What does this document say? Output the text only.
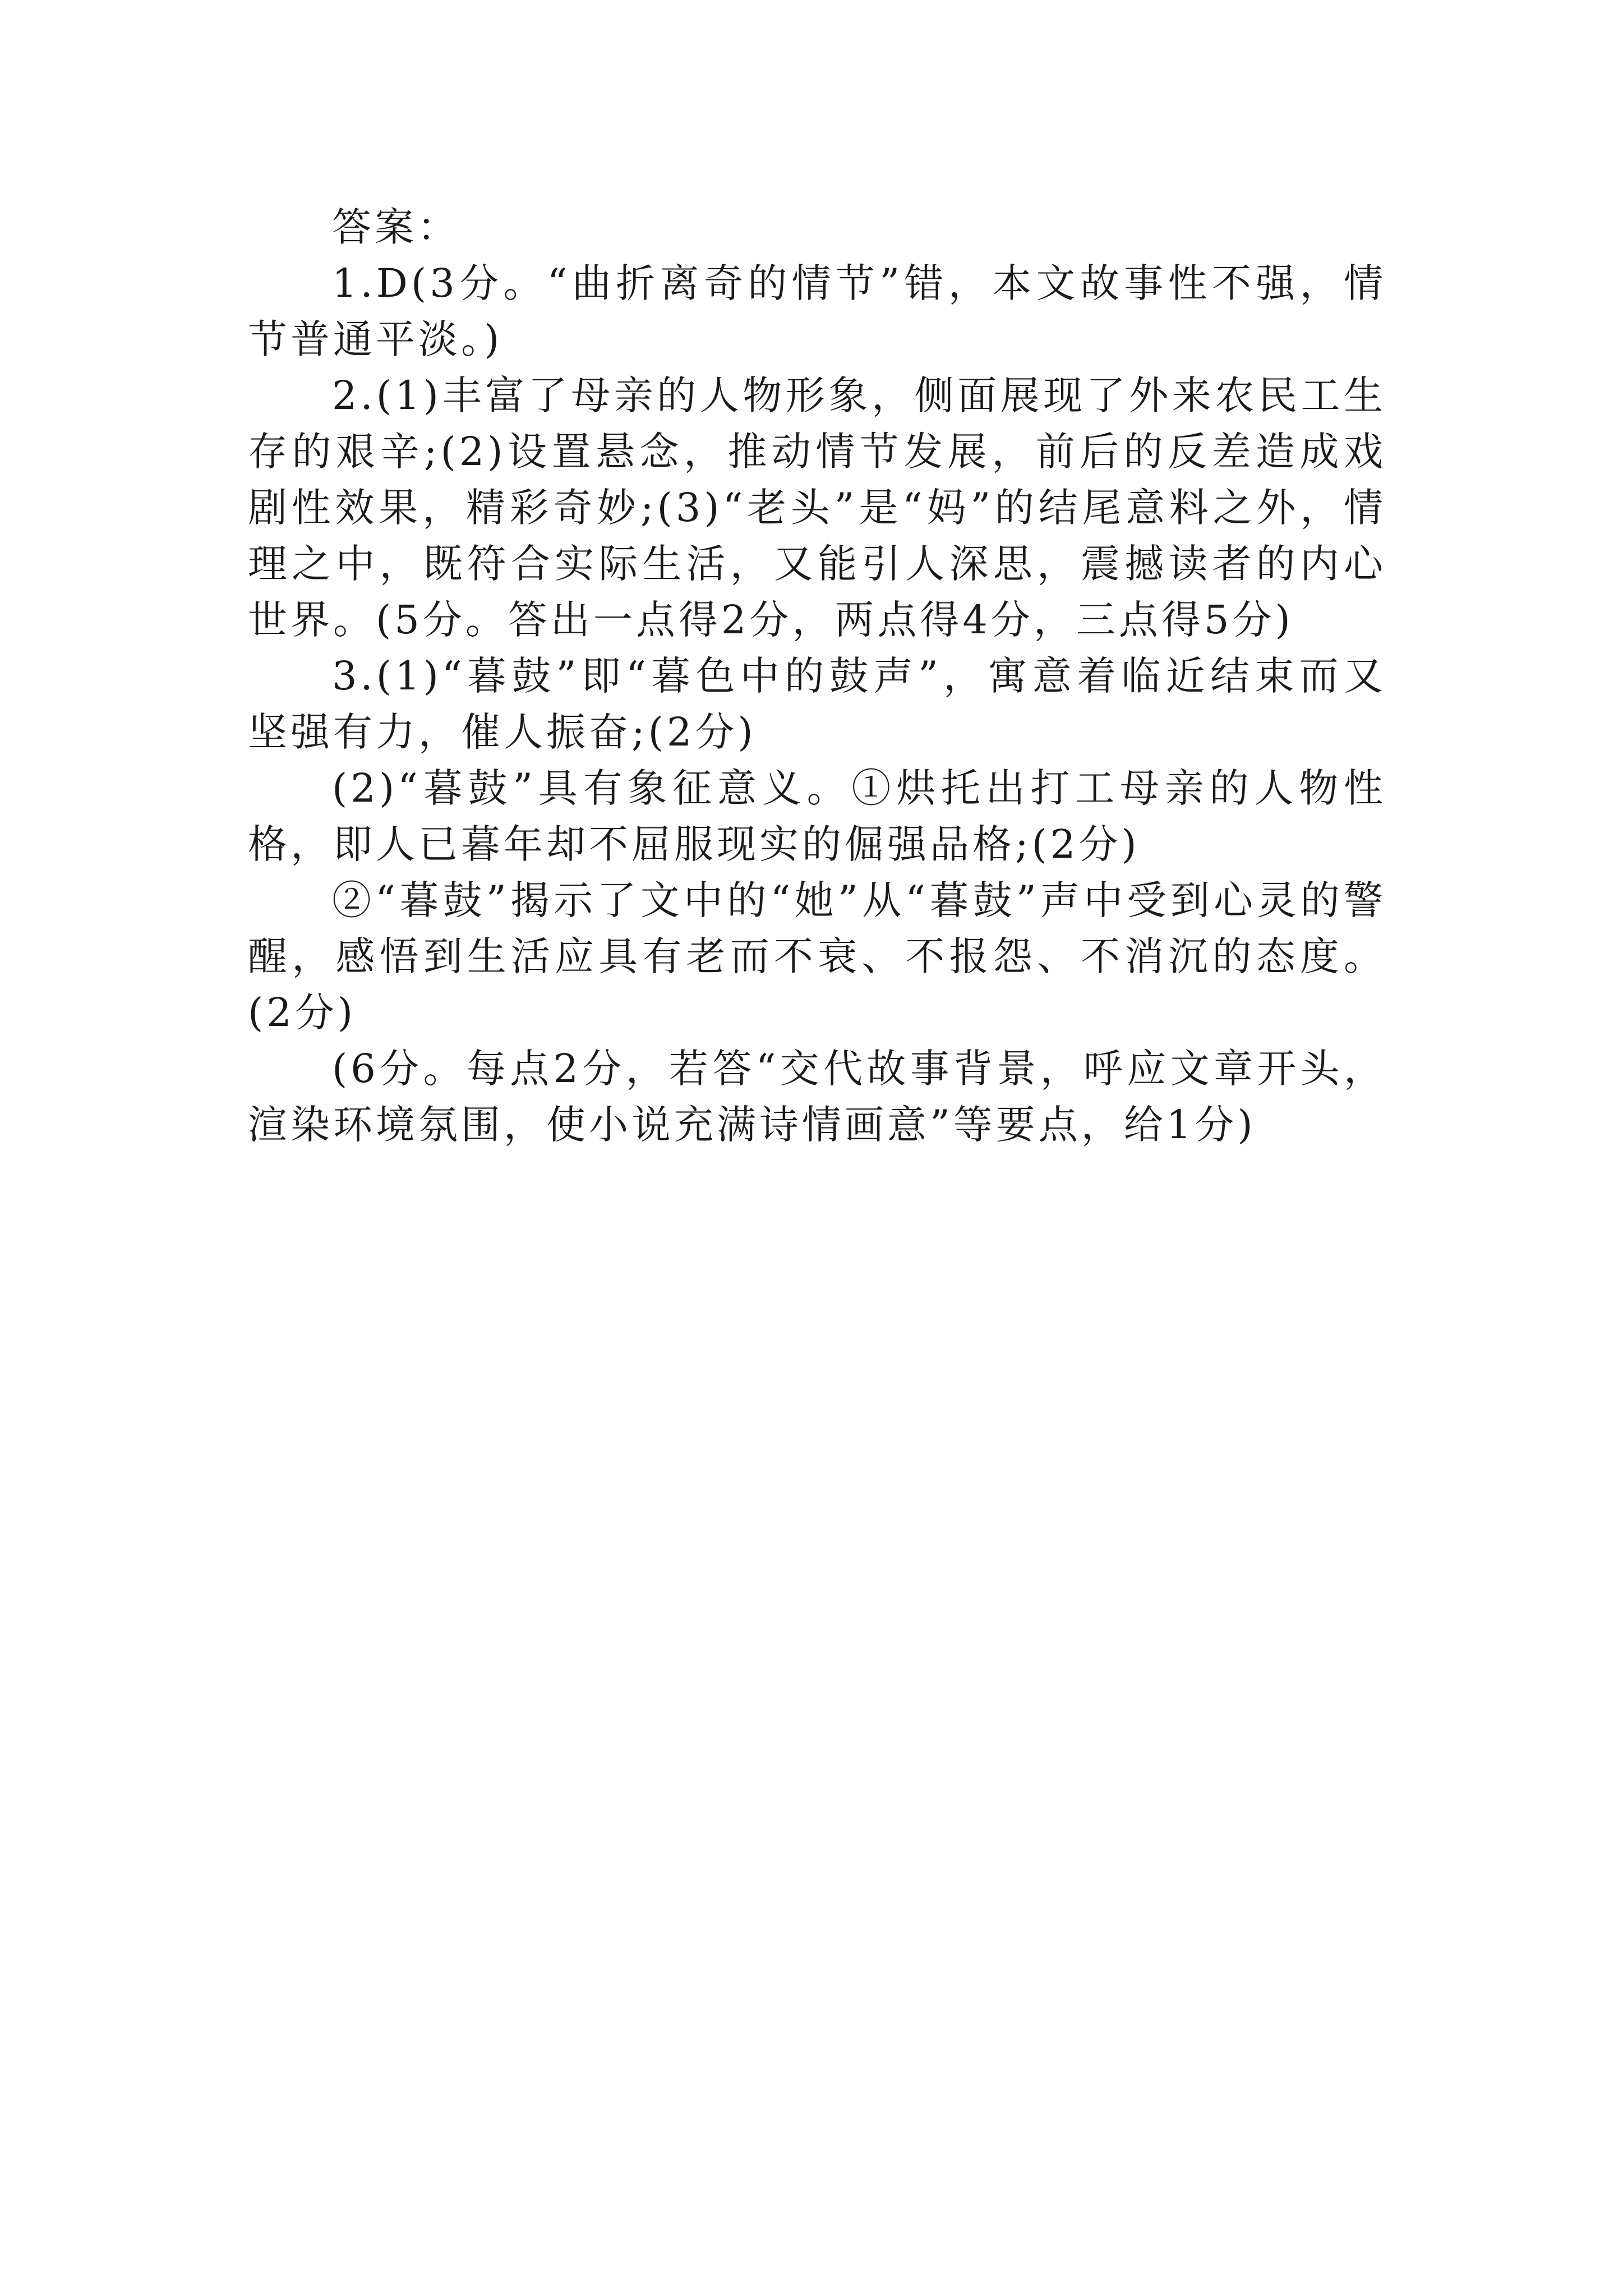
答案：

1.D(3分。“曲折离奇的情节”错，本文故事性不强，情节普通平淡。)

2.(1)丰富了母亲的人物形象，侧面展现了外来农民工生存的艰辛;(2)设置悬念，推动情节发展，前后的反差造成戏剧性效果，精彩奇妙;(3)“老头”是“妈”的结尾意料之外，情理之中，既符合实际生活，又能引人深思，震撼读者的内心世界。(5分。答出一点得2分，两点得4分，三点得5分)

3.(1)“暮鼓”即“暮色中的鼓声”，寓意着临近结束而又坚强有力，催人振奋;(2分)

(2)“暮鼓”具有象征意义。①烘托出打工母亲的人物性格，即人已暮年却不屈服现实的倔强品格;(2分)

②“暮鼓”揭示了文中的“她”从“暮鼓”声中受到心灵的警醒，感悟到生活应具有老而不衰、不报怨、不消沉的态度。(2分)

(6分。每点2分，若答“交代故事背景，呼应文章开头，渲染环境氛围，使小说充满诗情画意”等要点，给1分)
